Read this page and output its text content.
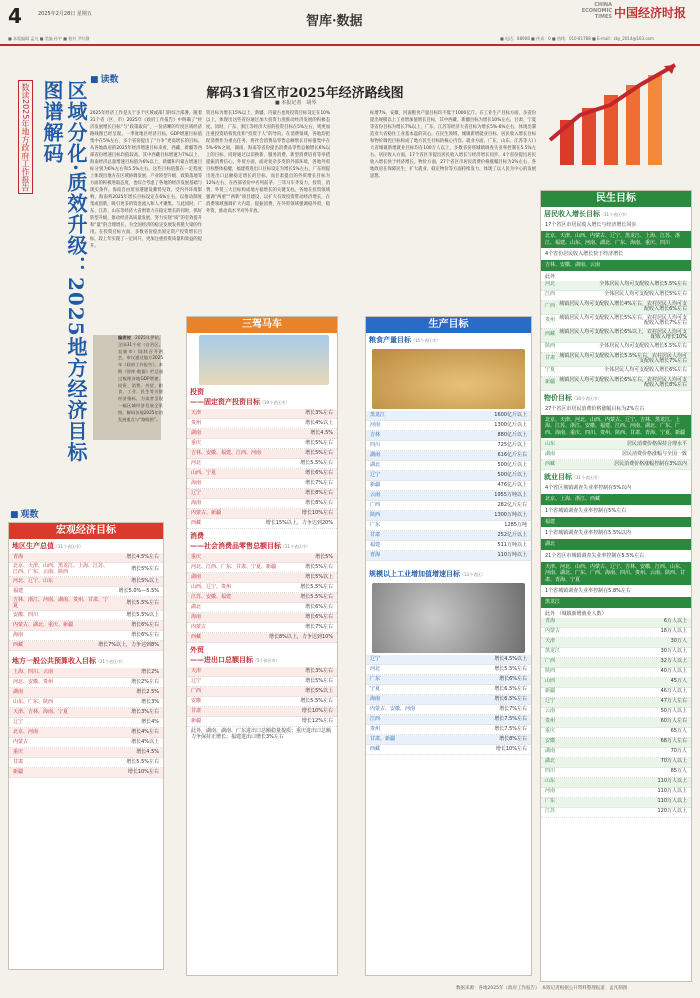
4	2025年2月28日 星期五	智库·数据
CHINA ECONOMIC TIMES 中国经济时报
■ 本版编辑 孟凡 ■ 美编 孙宇 ■ 校对 尹红静	■ 电话：88908 ■ 传真：0 ■ 热线：010-81788 ■ E-mail：zky_2014@163.com
区域分化·质效升级：2025地方经济目标图谱解码
数读2025年地方政府工作报告
■ 读数
解码31省区市2025年经济路线图
■ 本报记者　胡琴
2025年经济工作是关于多个区域或部门的综合部署。随着31个省（区、市）2025年《政府工作报告》中明确了“经济发展增长目标”与“政策取向”，一份清晰的年度区域经济路线图已经呈现。一季度地区经济目标，GDP增速目标值集中在5%左右，多个省份提出了“力争”更高增长的目标。从各地政府的2025年经济增速目标来看，西藏、新疆等西部省份增速目标均值较高，其中西藏目标增速为7%以上，海南经济总量增速目标值为6%以上，新疆和内蒙古增速目标分别为6%左右和5.5%左右。这些目标值都在一定程度上体现出地方在区域协调发展、产业转型升级、政策落地等方面的积极进取态度，也综合考虑了各地的经济发展基础与现实条件。海南自由贸易港建设蓄势见效，受内外环境影响，海南将2025年增长目标设定在6%左右，以推动制度集成创新，吸引更多的资金流入和人才聚集。与此同时，广东、江苏、山东等经济大省则着力在稳定增长的同时，抓好转型升级，推动经济高质量发展，努力实现“质”的有效提升和“量”的合理增长，为全国经济的稳定发展发挥挑大梁的作用。在投资目标方面，多数省份提出固定资产投资增长目标，较上年实现了一定回升，更加注重投资质量和效益的提升。
资目标为增长15%以上，新疆、内蒙古也将投资目标设定在10%以上，体现出这些省份通过加大投资力度推动经济发展的积极态度。同时，广东、浙江等经济大省的投资目标在5%左右，则更加注重投资结构优化和“投资于人”的导向。在消费领域，各地均把促消费作为重点任务，将社会消费品零售总额增长目标值集中在5%-6%之间，湖南、海南等省份提出消费品零售总额增长6%以上的目标，同时通过以旧换新、服务消费、新型消费培育等举措提振消费信心。外贸方面，面对复杂多变的外部环境，各地外贸目标整体稳健，福建将进出口目标设定为增长5%左右，广东则提出进出口总额稳定增长的目标，而甘肃提出的外贸增长目标为12%左右，在西部省份中名列前茅。三驾马车齐发力，投资、消费、外贸三大目标构成地方稳增长的关键支柱。各地在投资领域强调“两重”“两新”项目建设，以扩大有效投资带动经济增长，在消费领域强调扩大内需、提振消费，在外贸领域强调稳外贸、稳外资，推动高水平对外开放。
标增7%，安徽、河南粮食产量目标均不低于1000亿斤。在工业生产目标方面，多省份提出规模以上工业增加值增长目标，其中西藏、新疆目标为增长10%左右，甘肃、宁夏等省份目标为增长7%以上，广东、江苏等经济大省目标为增长5%-6%左右，体现出制造业大省稳住工业基本盘的决心。在民生领域，城镇新增就业目标、居民收入增长目标和物价调控目标构成了地方民生目标的核心内容。就业方面，广东、山东、江苏等人口大省城镇新增就业目标均在100万人以上，多数省份将城镇调查失业率控制在5.5%左右。居民收入方面，17个省区市提出居民收入增长与经济增长同步，4个省份提出居民收入增长快于经济增长。物价方面，27个省区市居民消费价格涨幅目标为2%左右，各地政府在保障民生、扩大就业、稳定物价等方面持续发力，体现了以人民为中心的发展思想。
编者按　 2025年伊始，全国31个省（自治区、直辖市）陆续召开两会，审议通过地方2025年《政府工作报告》。本期《智库·数据》栏目通过梳理各地GDP增速、投资、消费、外贸、粮食、工业、民生等关键经济指标，为读者呈现一幅区域经济发展全景图，解码各地2025年的发展重点与“路线图”。
■ 观数
宏观经济目标
地区生产总值（31个省区市）
青海	增长4.5%左右
北京、天津、山西、黑龙江、上海、江苏、江西、广东、云南、陕西	增长5%左右
河北、辽宁、山东	增长5%以上
福建	增长5.0%—5.5%
吉林、浙江、河南、湖南、贵州、甘肃、宁夏	增长5.5%左右
安徽、四川	增长5.5%以上
内蒙古、湖北、重庆、新疆	增长6%左右
海南	增长6%左右
西藏	增长7%以上，力争达到8%
地方一般公共预算收入目标（21个省区市）
上海、四川、云南	增长2%
河北、安徽、贵州	增长2%左右
湖南	增长2.5%
山东、广东、陕西	增长3%
天津、吉林、海南、宁夏	增长3%左右
辽宁	增长4%
北京、河南	增长4%左右
内蒙古	增长4%以上
重庆	增长4.5%
甘肃	增长5.5%左右
新疆	增长10%左右
三驾马车
投资
——固定资产投资目标（19个省区市）
天津	增长3%左右
贵州	增长4%以上
湖南	增长4.5%
重庆	增长5%左右
吉林、安徽、福建、江西、河南	增长5%左右
河北	增长5.5%左右
山西、宁夏	增长6%左右
海南	增长7%左右
辽宁	增长8%左右
海南	增长8%左右
内蒙古、新疆	增长10%左右
西藏	增长15%以上，力争达到20%
消费
——社会消费品零售总额目标（21个省区市）
重庆	增长5%
河北、江西、广东、甘肃、宁夏、新疆	增长5%左右
湖南	增长5%以上
山西、辽宁、贵州	增长5.5%左右
江苏、安徽、福建	增长5.5%左右
湖北	增长6%左右
海南	增长6%左右
内蒙古	增长7%左右
西藏	增长8%以上，力争达到10%
外贸
——进出口总额目标（5个省区市）
天津	增长3%左右
辽宁	增长5%左右
广西	增长5%以上
安徽	增长5.5%左右
甘肃	增长10%左右
新疆	增长12%左右
此外，湖南、湖南、广东进出口总额稳量提质；重庆进出口总额力争保持正增长；福建进出口增长3%左右
生产目标
粮食产量目标（15个省区市）
黑龙江	1600亿斤以上
河南	1300亿斤以上
吉林	880亿斤以上
四川	725亿斤以上
湖南	616亿斤左右
湖北	500亿斤以上
辽宁	500亿斤以上
新疆	476亿斤以上
云南	1955万吨以上
广西	282亿斤左右
陕西	1300万吨以上
广东	1285万吨
甘肃	252亿斤以上
福建	511万吨以上
青海	110万吨以上
规模以上工业增加值增速目标（13个省区）
辽宁	增长4.5%以上
河北	增长5.5%左右
广东	增长6%左右
宁夏	增长6.5%左右
海南	增长6.5%左右
内蒙古、安徽、河南	增长7%左右
江西	增长7.5%左右
贵州	增长7.5%左右
甘肃、新疆	增长8%左右
西藏	增长10%左右
民生目标
居民收入增长目标（31个省区市）
17个省区市居民收入增长与经济增长同步
北京、天津、山西、内蒙古、辽宁、黑龙江、上海、江苏、浙江、福建、山东、河南、湖北、广东、海南、重庆、四川
4个省份居民收入增长快于经济增长
吉林、安徽、湖南、云南
此外
河北	全体居民人均可支配收入增长5.5%左右
江西	全体居民人均可支配收入增长5%左右
广西 城镇居民人均可支配收入增长4%左右，农村居民人均可支配收入增长6%左右
贵州 城镇居民人均可支配收入增长5%左右，农村居民人均可支配收入增长7%左右
西藏 城镇居民人均可支配收入增长6%以上，农村居民人均可支配收入增长10%
陕西	全体居民人均可支配收入增长5.5%左右
甘肃 城镇居民人均可支配收入增长5.5%左右，农村居民人均可支配收入增长7%左右
宁夏	全体居民人均可支配收入增长6%左右
新疆 城镇居民人均可支配收入增长6%左右，农村居民人均可支配收入增长8%左右
物价目标（30个省区市）
27个省区市居民消费价格涨幅目标为2%左右
北京、天津、河北、山西、内蒙古、辽宁、吉林、黑龙江、上海、江苏、浙江、安徽、福建、江西、河南、湖北、广东、广西、海南、重庆、四川、贵州、陕西、甘肃、青海、宁夏、新疆
山东	居民消费价格保持合理水平
湖南	居民消费价格涨幅与全国一致
西藏	居民消费价格涨幅控制在3%以内
就业目标（31个省区市）
4个省区城镇调查失业率控制在5%以内
北京、上海、浙江、西藏
1个省城镇调查失业率控制在5%左右
福建
1个省城镇调查失业率控制在5.5%以内
湖北
21个省区市城镇调查失业率控制在5.5%左右
天津、河北、山西、内蒙古、辽宁、吉林、安徽、江西、山东、河南、湖北、广东、广西、海南、四川、贵州、云南、陕西、甘肃、青海、宁夏
1个省城镇调查失业率控制在5.8%左右
黑龙江
此外 （城镇新增就业人数）
青海	6万人以上
内蒙古	18万人以上
天津	30万人
黑龙江	30万人以上
广西	32万人以上
陕西	40万人以上
山西	45万人
新疆	46万人以上
辽宁	47万人左右
云南	50万人以上
贵州	60万人左右
重庆	65万人
安徽	68万人左右
湖南	70万人
湖北	70万人以上
四川	85万人
山东	110万人以上
河南	110万人以上
广东	110万人以上
江苏	120万人以上
数据来源：各地2025年《政府工作报告》　本版记者根据公开资料整理报道　孟凡制图
